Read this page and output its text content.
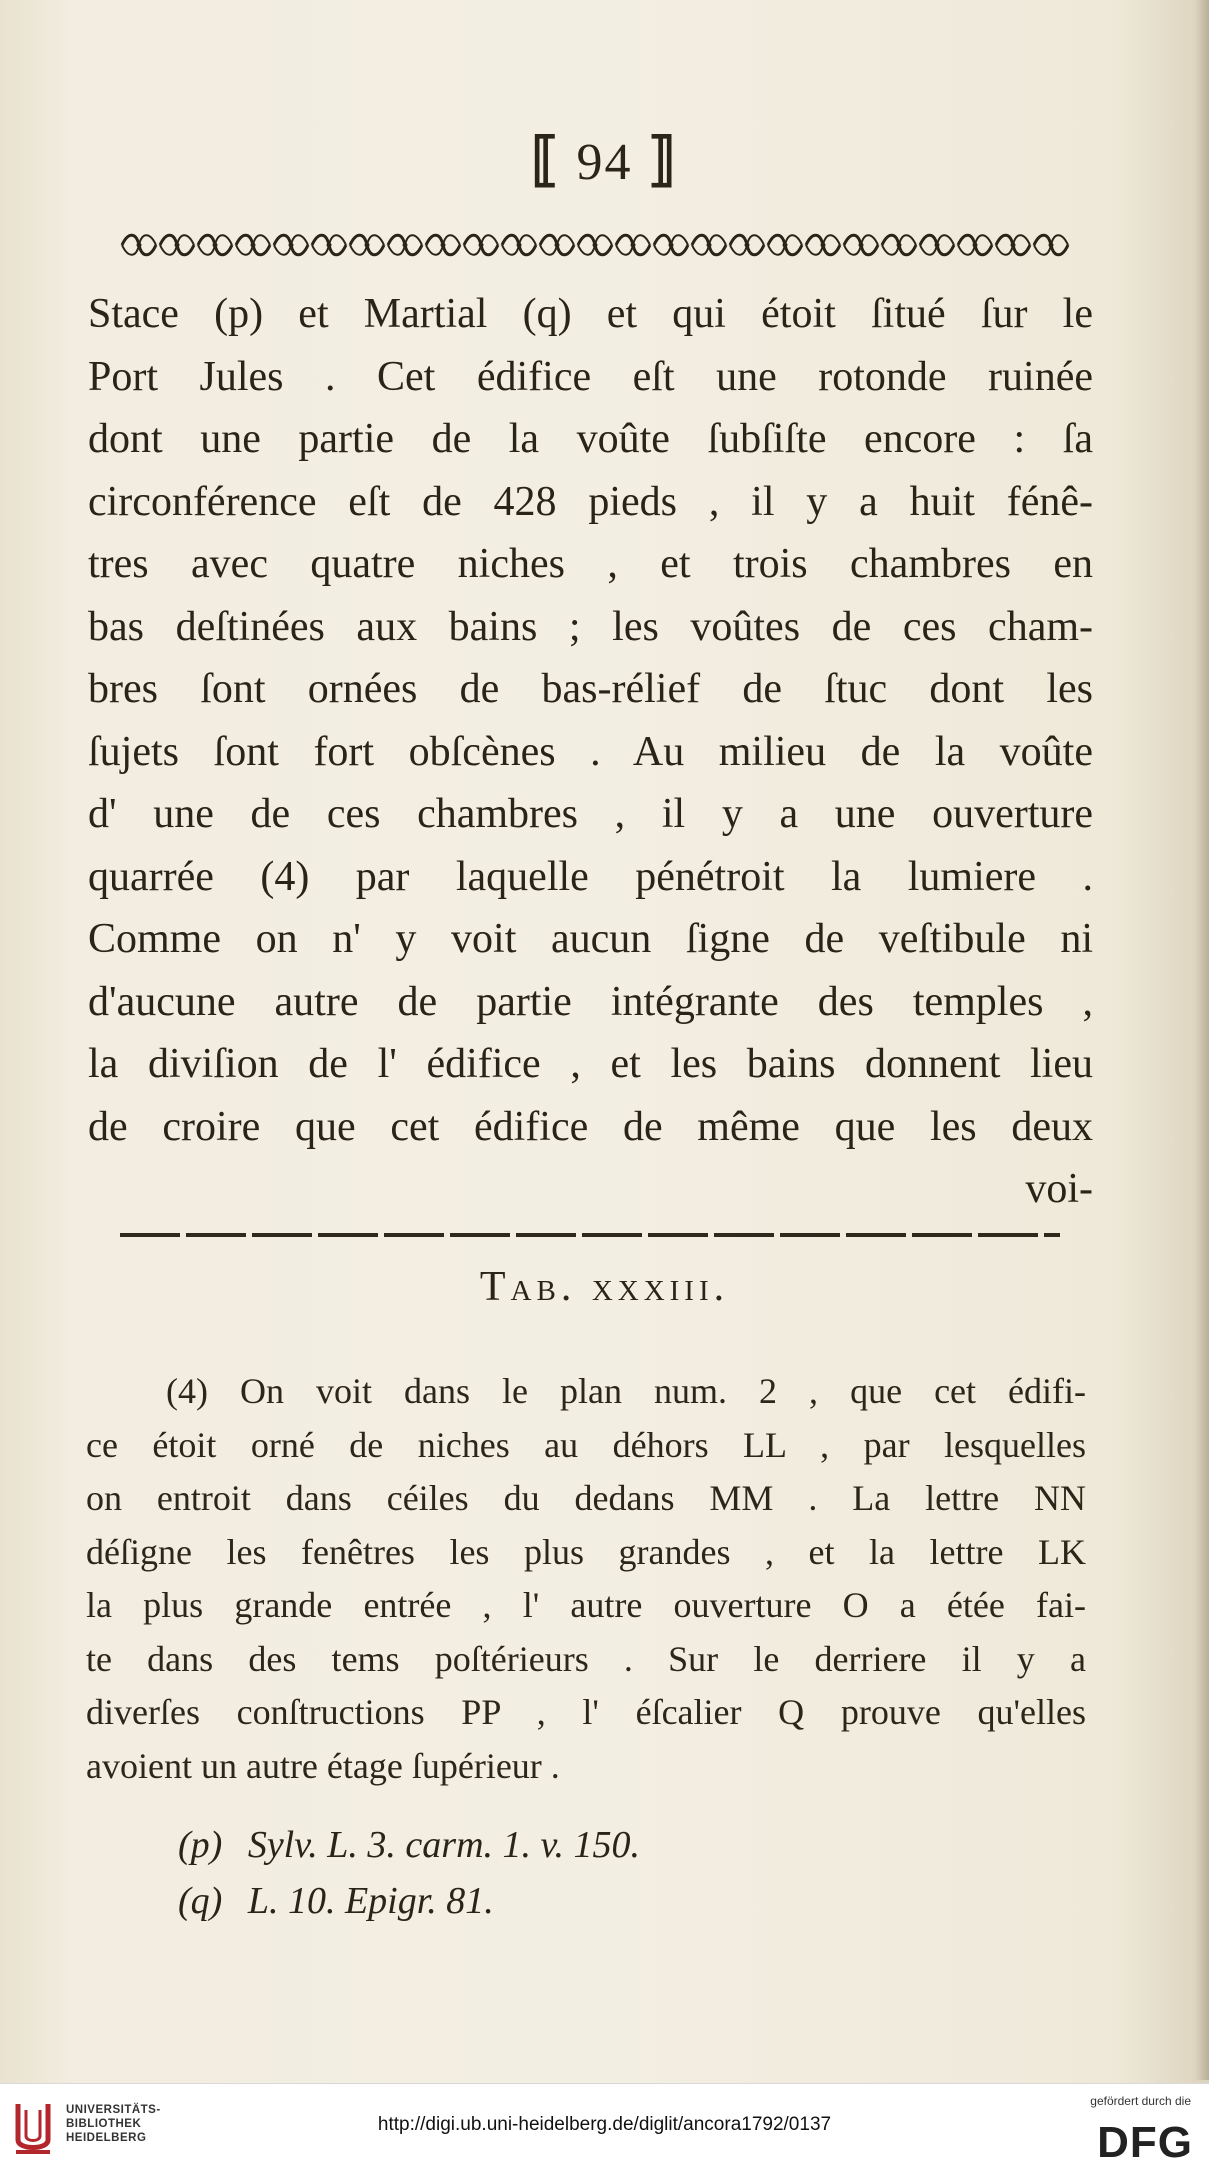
⟦ 94 ⟧
Stace (p) et Martial (q) et qui étoit ſitué ſur le
Port Jules . Cet édifice eſt une rotonde ruinée
dont une partie de la voûte ſubſiſte encore : ſa
circonférence eſt de 428 pieds , il y a huit fénê-
tres avec quatre niches , et trois chambres en
bas deſtinées aux bains ; les voûtes de ces cham-
bres ſont ornées de bas-rélief de ſtuc dont les
ſujets ſont fort obſcènes . Au milieu de la voûte
d' une de ces chambres , il y a une ouverture
quarrée (4) par laquelle pénétroit la lumiere .
Comme on n' y voit aucun ſigne de veſtibule ni
d'aucune autre de partie intégrante des temples ,
la diviſion de l' édifice , et les bains donnent lieu
de croire que cet édifice de même que les deux
voi-
Tab. xxxiii.
(4) On voit dans le plan num. 2 , que cet édifi-
ce étoit orné de niches au déhors LL , par lesquelles
on entroit dans céiles du dedans MM . La lettre NN
déſigne les fenêtres les plus grandes , et la lettre LK
la plus grande entrée , l' autre ouverture O a étée fai-
te dans des tems poſtérieurs . Sur le derriere il y a
diverſes conſtructions PP , l' éſcalier Q prouve qu'elles
avoient un autre étage ſupérieur .
(p) Sylv. L. 3. carm. 1. v. 150.
(q) L. 10. Epigr. 81.
UNIVERSITÄTS-
BIBLIOTHEK
HEIDELBERG
http://digi.ub.uni-heidelberg.de/diglit/ancora1792/0137
gefördert durch die
DFG
